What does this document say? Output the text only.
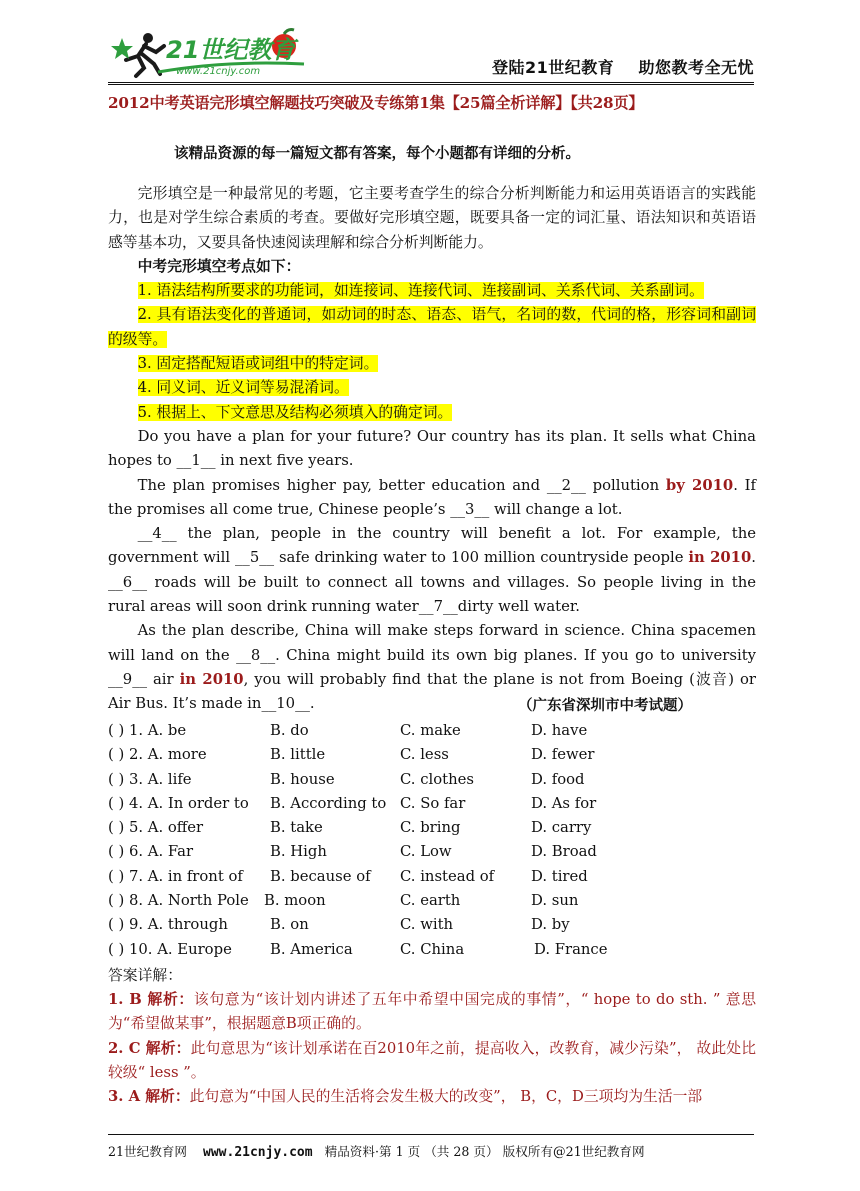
21世纪教育
www.21cnjy.com	登陆21世纪教育    助您教考全无忧
2012中考英语完形填空解题技巧突破及专练第1集【25篇全析详解】【共28页】
该精品资源的每一篇短文都有答案，每个小题都有详细的分析。

完形填空是一种最常见的考题，它主要考查学生的综合分析判断能力和运用英语语言的实践能力，也是对学生综合素质的考查。要做好完形填空题，既要具备一定的词汇量、语法知识和英语语感等基本功，又要具备快速阅读理解和综合分析判断能力。

中考完形填空考点如下：

1. 语法结构所要求的功能词，如连接词、连接代词、连接副词、关系代词、关系副词。

2. 具有语法变化的普通词，如动词的时态、语态、语气，名词的数，代词的格，形容词和副词的级等。

3. 固定搭配短语或词组中的特定词。

4. 同义词、近义词等易混淆词。

5. 根据上、下文意思及结构必须填入的确定词。

Do you have a plan for your future? Our country has its plan. It sells what China hopes to __1__ in next five years.

The plan promises higher pay, better education and __2__ pollution by 2010. If the promises all come true, Chinese people’s __3__ will change a lot.

__4__ the plan, people in the country will benefit a lot. For example, the government will __5__ safe drinking water to 100 million countryside people in 2010. __6__ roads will be built to connect all towns and villages. So people living in the rural areas will soon drink running water__7__dirty well water.

As the plan describe, China will make steps forward in science. China spacemen will land on the __8__. China might build its own big planes. If you go to university __9__ air in 2010, you will probably find that the plane is not from Boeing (波音) or Air Bus. It’s made in__10__.	（广东省深圳市中考试题）
( ) 1. A. be	B. do	C. make	D. have
( ) 2. A. more	B. little	C. less	D. fewer
( ) 3. A. life	B. house	C. clothes	D. food
( ) 4. A. In order to B. According to C. So far	D. As for
( ) 5. A. offer	B. take	C. bring	D. carry
( ) 6. A. Far	B. High	C. Low	D. Broad
( ) 7. A. in front of B. because of C. instead of D. tired
( ) 8. A. North Pole B. moon	C. earth	D. sun
( ) 9. A. through	B. on	C. with	D. by
( ) 10. A. Europe	B. America	C. China	D. France
答案详解：

1. B 解析：该句意为“该计划内讲述了五年中希望中国完成的事情”，“ hope to do sth. ” 意思为“希望做某事”，根据题意B项正确的。

2. C 解析：此句意思为“该计划承诺在百2010年之前，提高收入，改教育，减少污染”， 故此处比较级“ less ”。

3. A 解析：此句意为“中国人民的生活将会发生极大的改变”， B，C，D三项均为生活一部

21世纪教育网 www.21cnjy.com 精品资料·第 1 页 （共 28 页） 版权所有@21世纪教育网
